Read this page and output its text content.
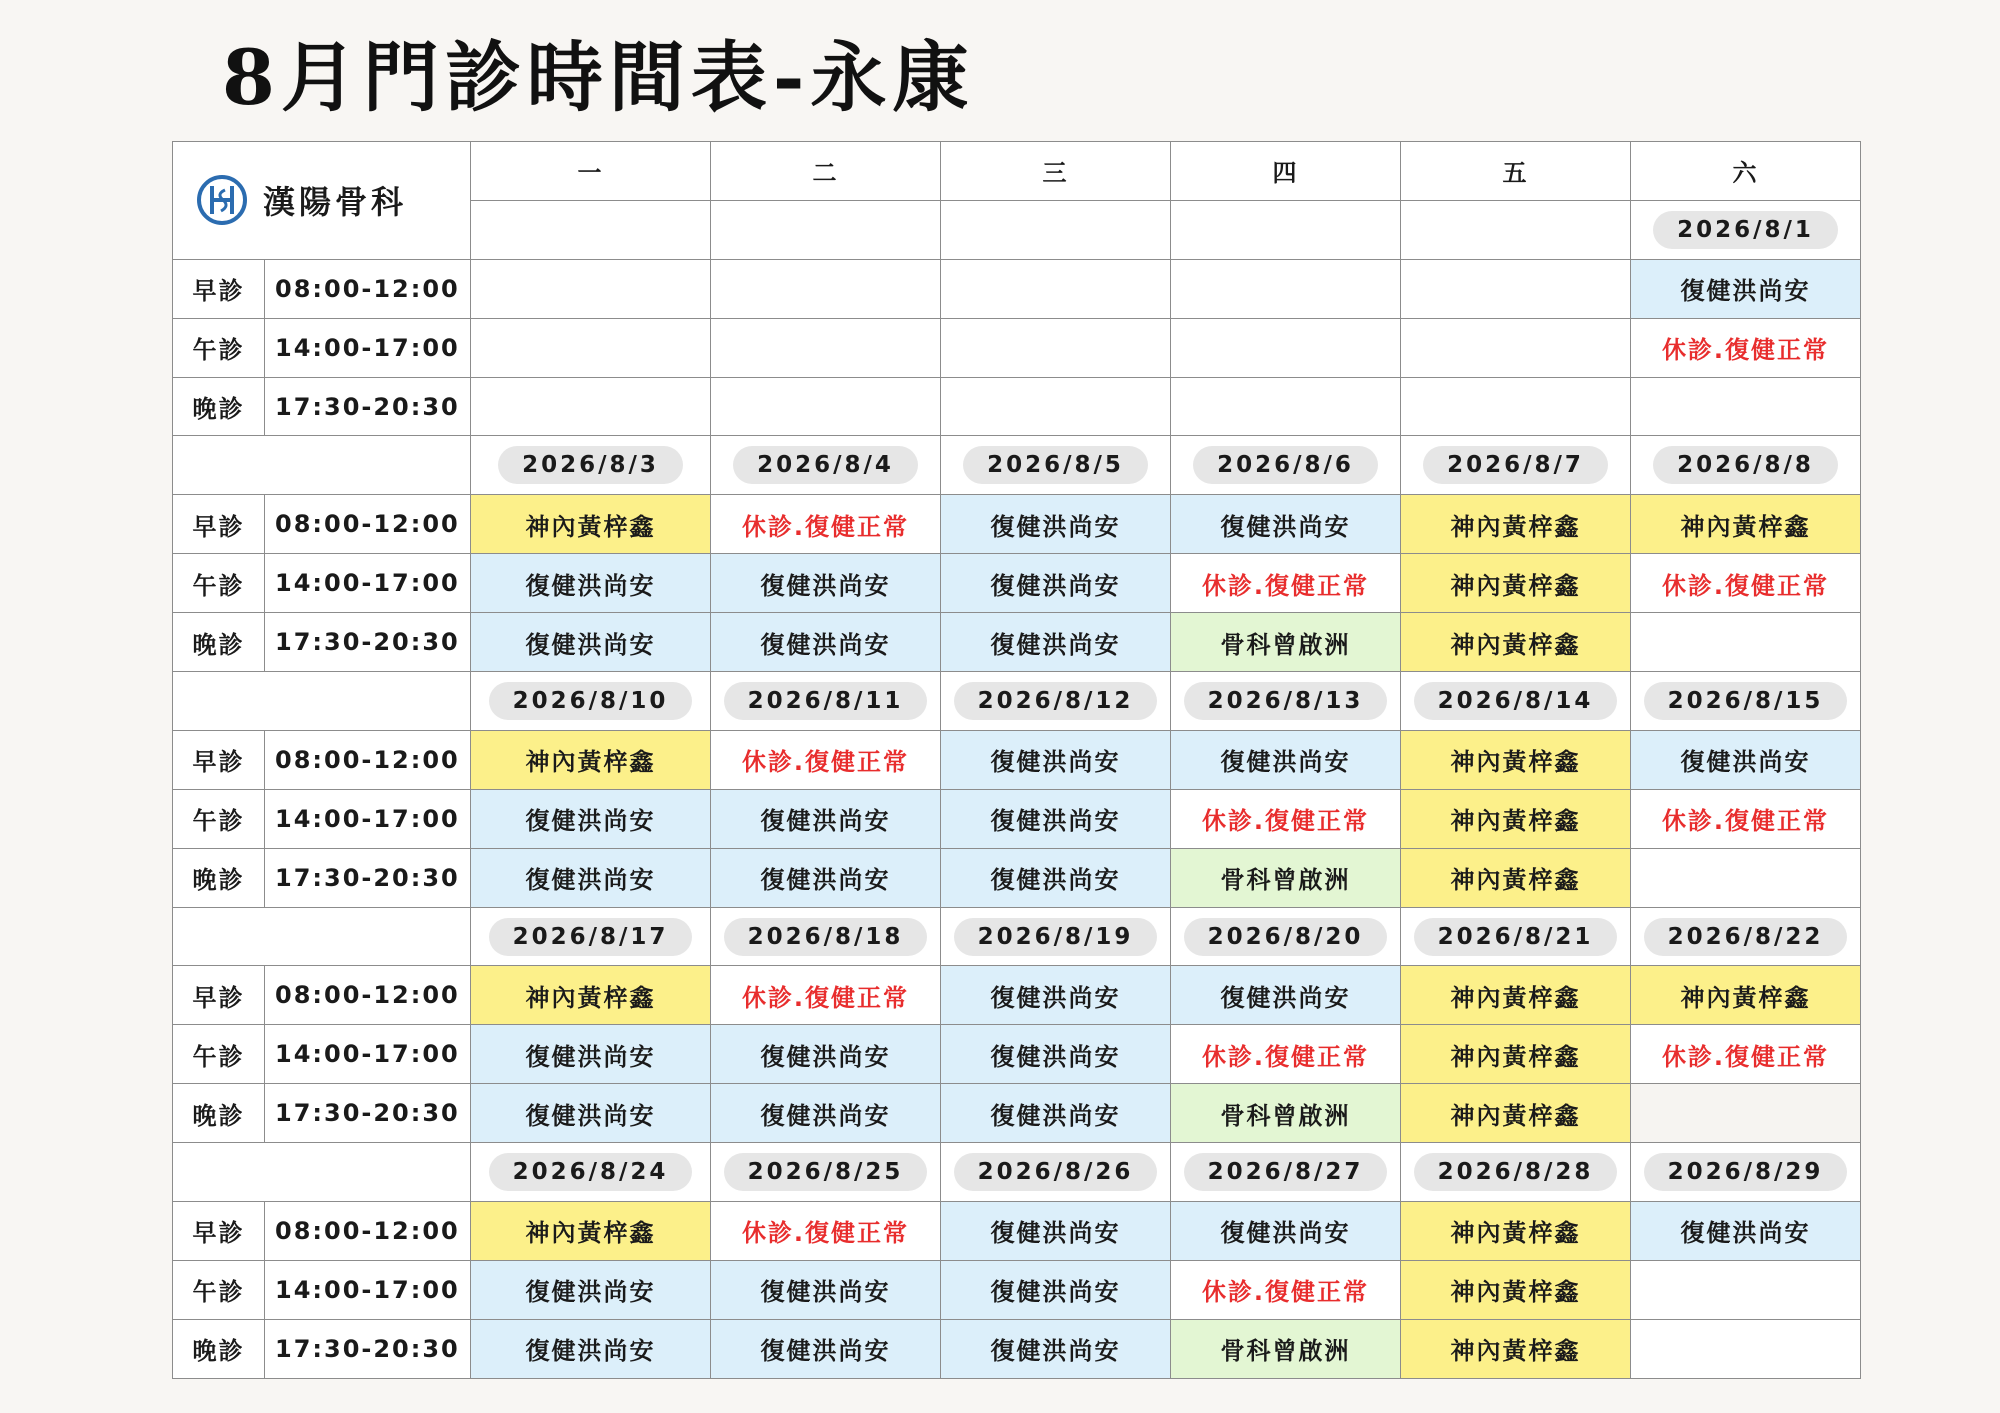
8月門診時間表-永康
漢陽骨科		一	二	三	四	五	六
							2026/8/1
早診	08:00-12:00						復健洪尚安
午診	14:00-17:00						休診.復健正常
晚診	17:30-20:30						
		2026/8/3	2026/8/4	2026/8/5	2026/8/6	2026/8/7	2026/8/8
早診	08:00-12:00	神內黃梓鑫	休診.復健正常	復健洪尚安	復健洪尚安	神內黃梓鑫	神內黃梓鑫
午診	14:00-17:00	復健洪尚安	復健洪尚安	復健洪尚安	休診.復健正常	神內黃梓鑫	休診.復健正常
晚診	17:30-20:30	復健洪尚安	復健洪尚安	復健洪尚安	骨科曾啟洲	神內黃梓鑫	
		2026/8/10	2026/8/11	2026/8/12	2026/8/13	2026/8/14	2026/8/15
早診	08:00-12:00	神內黃梓鑫	休診.復健正常	復健洪尚安	復健洪尚安	神內黃梓鑫	復健洪尚安
午診	14:00-17:00	復健洪尚安	復健洪尚安	復健洪尚安	休診.復健正常	神內黃梓鑫	休診.復健正常
晚診	17:30-20:30	復健洪尚安	復健洪尚安	復健洪尚安	骨科曾啟洲	神內黃梓鑫	
		2026/8/17	2026/8/18	2026/8/19	2026/8/20	2026/8/21	2026/8/22
早診	08:00-12:00	神內黃梓鑫	休診.復健正常	復健洪尚安	復健洪尚安	神內黃梓鑫	神內黃梓鑫
午診	14:00-17:00	復健洪尚安	復健洪尚安	復健洪尚安	休診.復健正常	神內黃梓鑫	休診.復健正常
晚診	17:30-20:30	復健洪尚安	復健洪尚安	復健洪尚安	骨科曾啟洲	神內黃梓鑫	
		2026/8/24	2026/8/25	2026/8/26	2026/8/27	2026/8/28	2026/8/29
早診	08:00-12:00	神內黃梓鑫	休診.復健正常	復健洪尚安	復健洪尚安	神內黃梓鑫	復健洪尚安
午診	14:00-17:00	復健洪尚安	復健洪尚安	復健洪尚安	休診.復健正常	神內黃梓鑫	
晚診	17:30-20:30	復健洪尚安	復健洪尚安	復健洪尚安	骨科曾啟洲	神內黃梓鑫	
